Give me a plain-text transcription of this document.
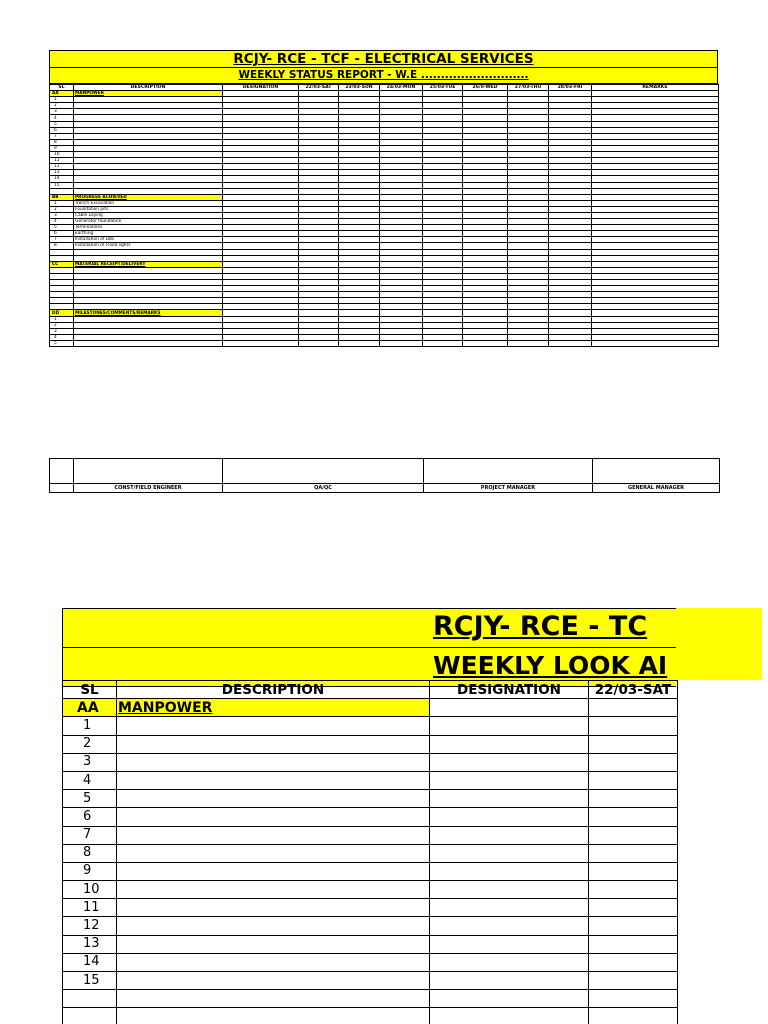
RCJY- RCE - TCF - ELECTRICAL SERVICES
WEEKLY STATUS REPORT - W.E ...........................
SL	DESCRIPTION	DESIGNATION	22/03-SAT	23/03-SUN	24/03-MON	25/03-TUE	26/0-WED	27/03-THU	28/03-FRI	REMARKS
AA	MANPOWER									
1										
2										
3										
4										
5										
6										
7										
8										
9										
10										
11										
12										
13										
14										
15										

BB	PROGRESS ACHIEVED									
1	Trench Excavation									
2	Foundation pits									
3	Cable Laying									
4	Generator foundation									
5	Terminations									
6	Earthing									
7	Installation of DBs									
8	Installation of Flood lights									

CC	MATERIAL RECEIPT/DELIVERY									

DD	MILESTONES/COMMENTS/REMARKS									
1										
2										
3										
4										
5										

	CONST/FIELD ENGINEER	QA/QC	PROJECT MANAGER	GENERAL MANAGER
RCJY- RCE - TC
WEEKLY LOOK AI
SL	DESCRIPTION	DESIGNATION	22/03-SAT
AA	MANPOWER		
1			
2			
3			
4			
5			
6			
7			
8			
9			
10			
11			
12			
13			
14			
15			
